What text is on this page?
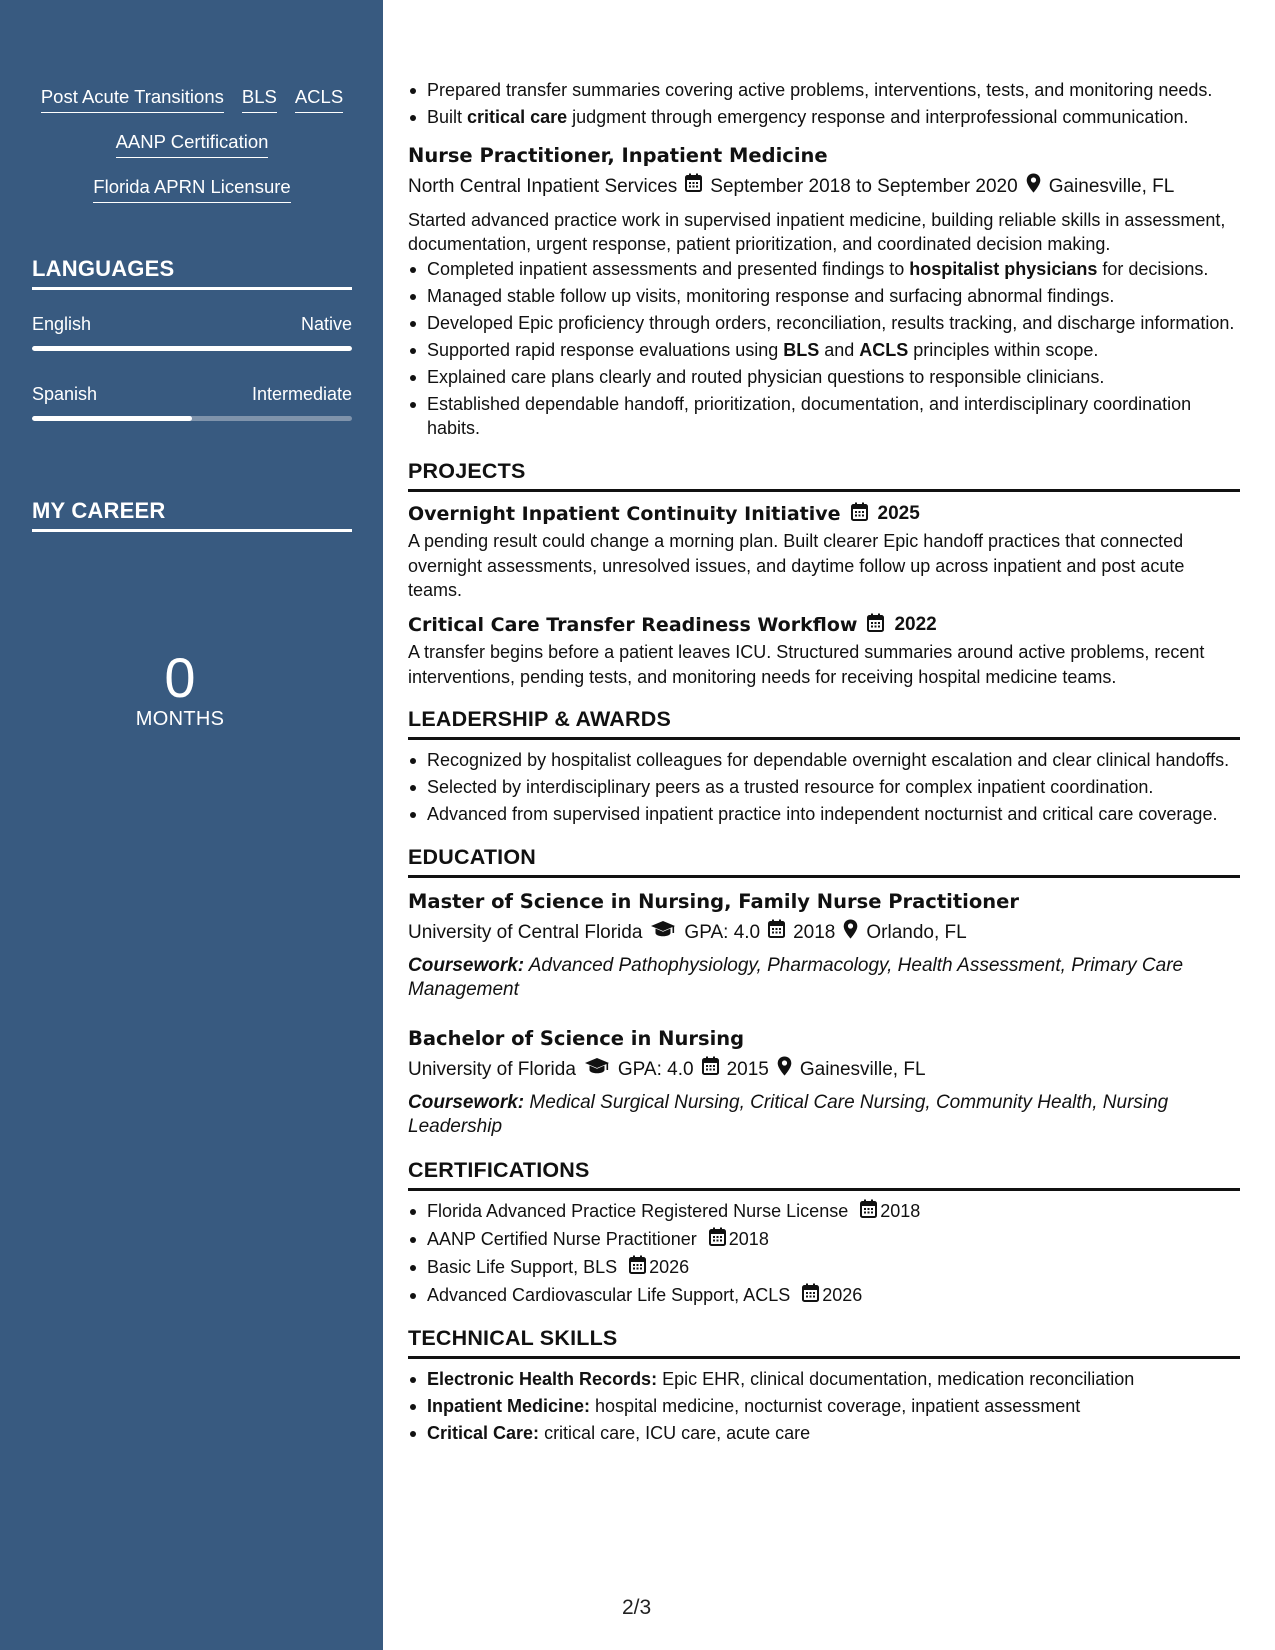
Post Acute Transitions BLS ACLS
AANP Certification
Florida APRN Licensure
LANGUAGES
English	Native
Spanish	Intermediate
MY CAREER
0
MONTHS
Prepared transfer summaries covering active problems, interventions, tests, and monitoring needs.
Built critical care judgment through emergency response and interprofessional communication.
Nurse Practitioner, Inpatient Medicine
North Central Inpatient Services September 2018 to September 2020 Gainesville, FL
Started advanced practice work in supervised inpatient medicine, building reliable skills in assessment, documentation, urgent response, patient prioritization, and coordinated decision making.
Completed inpatient assessments and presented findings to hospitalist physicians for decisions.
Managed stable follow up visits, monitoring response and surfacing abnormal findings.
Developed Epic proficiency through orders, reconciliation, results tracking, and discharge information.
Supported rapid response evaluations using BLS and ACLS principles within scope.
Explained care plans clearly and routed physician questions to responsible clinicians.
Established dependable handoff, prioritization, documentation, and interdisciplinary coordination habits.
PROJECTS
Overnight Inpatient Continuity Initiative 2025
A pending result could change a morning plan. Built clearer Epic handoff practices that connected overnight assessments, unresolved issues, and daytime follow up across inpatient and post acute teams.
Critical Care Transfer Readiness Workflow 2022
A transfer begins before a patient leaves ICU. Structured summaries around active problems, recent interventions, pending tests, and monitoring needs for receiving hospital medicine teams.
LEADERSHIP & AWARDS
Recognized by hospitalist colleagues for dependable overnight escalation and clear clinical handoffs.
Selected by interdisciplinary peers as a trusted resource for complex inpatient coordination.
Advanced from supervised inpatient practice into independent nocturnist and critical care coverage.
EDUCATION
Master of Science in Nursing, Family Nurse Practitioner
University of Central Florida GPA: 4.0 2018 Orlando, FL
Coursework: Advanced Pathophysiology, Pharmacology, Health Assessment, Primary Care Management
Bachelor of Science in Nursing
University of Florida GPA: 4.0 2015 Gainesville, FL
Coursework: Medical Surgical Nursing, Critical Care Nursing, Community Health, Nursing Leadership
CERTIFICATIONS
Florida Advanced Practice Registered Nurse License 2018
AANP Certified Nurse Practitioner 2018
Basic Life Support, BLS 2026
Advanced Cardiovascular Life Support, ACLS 2026
TECHNICAL SKILLS
Electronic Health Records: Epic EHR, clinical documentation, medication reconciliation
Inpatient Medicine: hospital medicine, nocturnist coverage, inpatient assessment
Critical Care: critical care, ICU care, acute care
2/3
